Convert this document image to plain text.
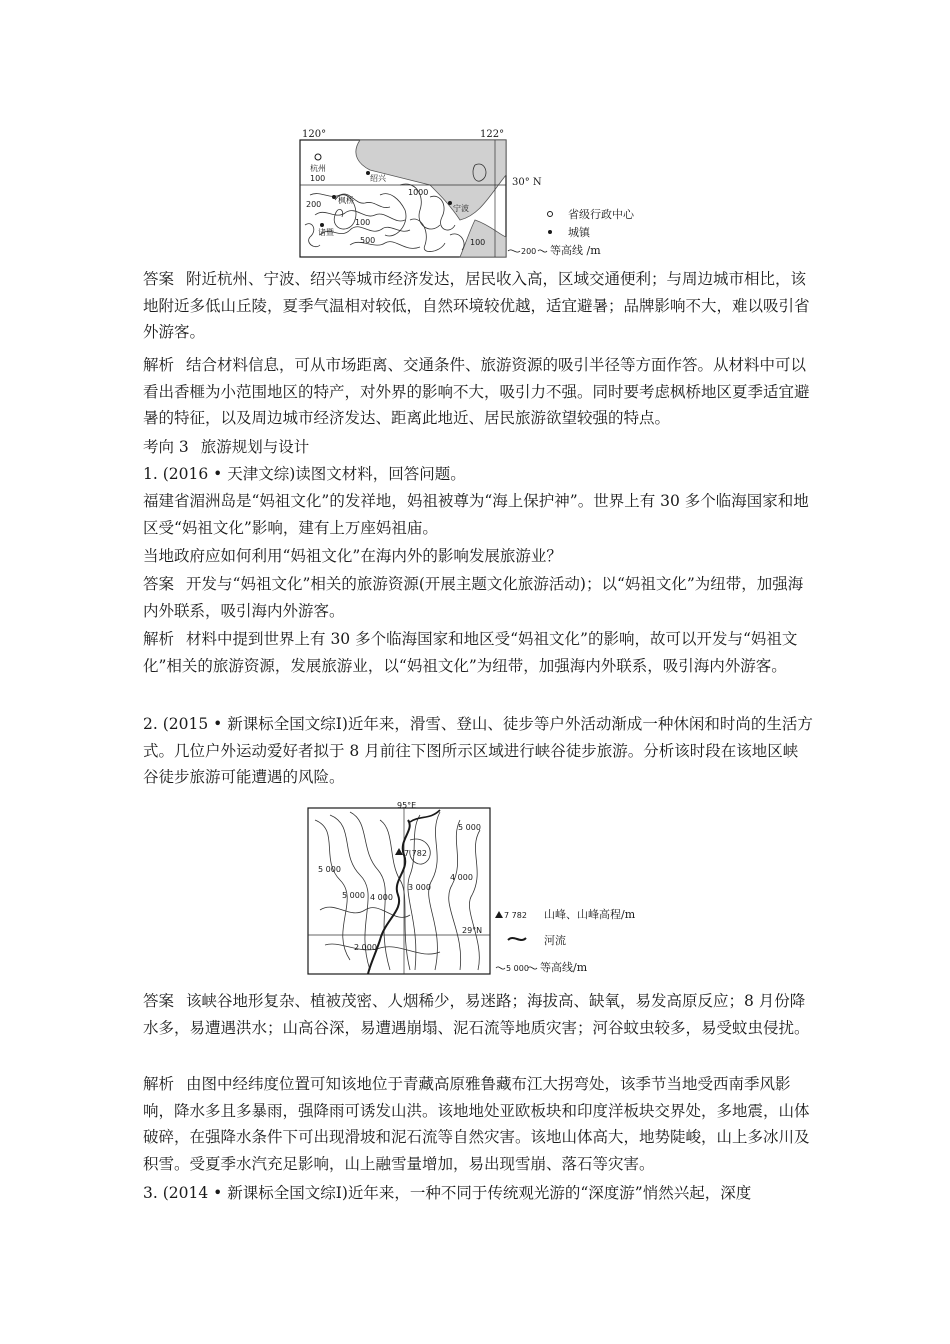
120°	122°
杭州
100	绍兴
枫桥
宁波
诸暨
100
200
500
1000
100
30° N
省级行政中心
城镇
200 等高线 /m

答案 附近杭州、宁波、绍兴等城市经济发达，居民收入高，区域交通便利；与周边城市相比，该地附近多低山丘陵，夏季气温相对较低，自然环境较优越，适宜避暑；品牌影响不大，难以吸引省外游客。

解析 结合材料信息，可从市场距离、交通条件、旅游资源的吸引半径等方面作答。从材料中可以看出香榧为小范围地区的特产，对外界的影响不大，吸引力不强。同时要考虑枫桥地区夏季适宜避暑的特征，以及周边城市经济发达、距离此地近、居民旅游欲望较强的特点。

考向 3 旅游规划与设计

1. (2016 • 天津文综)读图文材料，回答问题。

福建省湄洲岛是“妈祖文化”的发祥地，妈祖被尊为“海上保护神”。世界上有 30 多个临海国家和地区受“妈祖文化”影响，建有上万座妈祖庙。

当地政府应如何利用“妈祖文化”在海内外的影响发展旅游业？

答案 开发与“妈祖文化”相关的旅游资源(开展主题文化旅游活动)；以“妈祖文化”为纽带，加强海内外联系，吸引海内外游客。

解析 材料中提到世界上有 30 多个临海国家和地区受“妈祖文化”的影响，故可以开发与“妈祖文化”相关的旅游资源，发展旅游业，以“妈祖文化”为纽带，加强海内外联系，吸引海内外游客。

2. (2015 • 新课标全国文综Ⅰ)近年来，滑雪、登山、徒步等户外活动渐成一种休闲和时尚的生活方式。几位户外运动爱好者拟于 8 月前往下图所示区域进行峡谷徒步旅游。分析该时段在该地区峡谷徒步旅游可能遭遇的风险。

95°E
29°N
7 782
5 000
5 000
5 000
4 000
4 000
3 000
2 000
7 782 山峰、山峰高程/m
河流
5 000 等高线/m

答案 该峡谷地形复杂、植被茂密、人烟稀少，易迷路；海拔高、缺氧，易发高原反应；8 月份降水多，易遭遇洪水；山高谷深，易遭遇崩塌、泥石流等地质灾害；河谷蚊虫较多，易受蚊虫侵扰。

解析 由图中经纬度位置可知该地位于青藏高原雅鲁藏布江大拐弯处，该季节当地受西南季风影响，降水多且多暴雨，强降雨可诱发山洪。该地地处亚欧板块和印度洋板块交界处，多地震，山体破碎，在强降水条件下可出现滑坡和泥石流等自然灾害。该地山体高大，地势陡峻，山上多冰川及积雪。受夏季水汽充足影响，山上融雪量增加，易出现雪崩、落石等灾害。

3. (2014 • 新课标全国文综Ⅰ)近年来，一种不同于传统观光游的“深度游”悄然兴起，深度
